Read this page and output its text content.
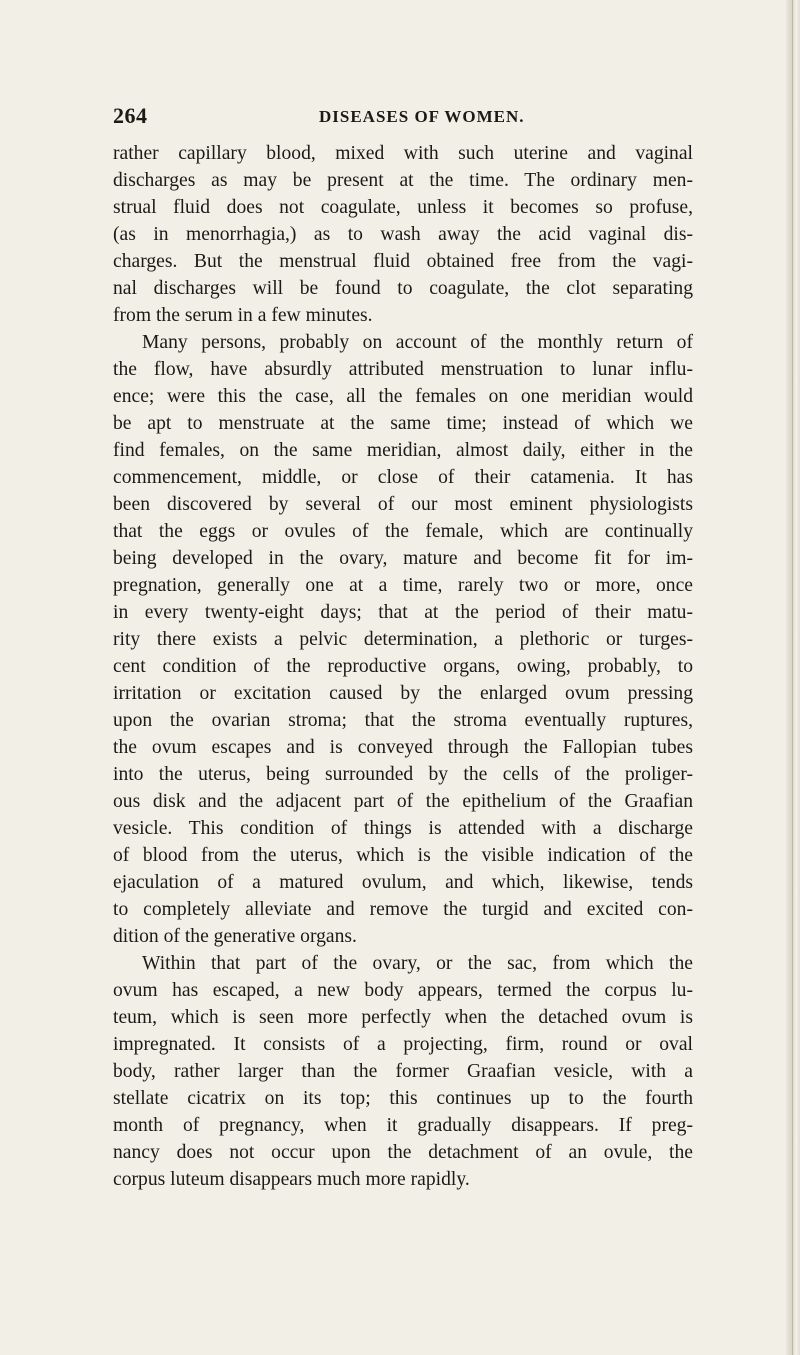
264	DISEASES OF WOMEN.
rather capillary blood, mixed with such uterine and vaginal
discharges as may be present at the time. The ordinary men-
strual fluid does not coagulate, unless it becomes so profuse,
(as in menorrhagia,) as to wash away the acid vaginal dis-
charges. But the menstrual fluid obtained free from the vagi-
nal discharges will be found to coagulate, the clot separating
from the serum in a few minutes.
Many persons, probably on account of the monthly return of
the flow, have absurdly attributed menstruation to lunar influ-
ence; were this the case, all the females on one meridian would
be apt to menstruate at the same time; instead of which we
find females, on the same meridian, almost daily, either in the
commencement, middle, or close of their catamenia. It has
been discovered by several of our most eminent physiologists
that the eggs or ovules of the female, which are continually
being developed in the ovary, mature and become fit for im-
pregnation, generally one at a time, rarely two or more, once
in every twenty-eight days; that at the period of their matu-
rity there exists a pelvic determination, a plethoric or turges-
cent condition of the reproductive organs, owing, probably, to
irritation or excitation caused by the enlarged ovum pressing
upon the ovarian stroma; that the stroma eventually ruptures,
the ovum escapes and is conveyed through the Fallopian tubes
into the uterus, being surrounded by the cells of the proliger-
ous disk and the adjacent part of the epithelium of the Graafian
vesicle. This condition of things is attended with a discharge
of blood from the uterus, which is the visible indication of the
ejaculation of a matured ovulum, and which, likewise, tends
to completely alleviate and remove the turgid and excited con-
dition of the generative organs.
Within that part of the ovary, or the sac, from which the
ovum has escaped, a new body appears, termed the corpus lu-
teum, which is seen more perfectly when the detached ovum is
impregnated. It consists of a projecting, firm, round or oval
body, rather larger than the former Graafian vesicle, with a
stellate cicatrix on its top; this continues up to the fourth
month of pregnancy, when it gradually disappears. If preg-
nancy does not occur upon the detachment of an ovule, the
corpus luteum disappears much more rapidly.
